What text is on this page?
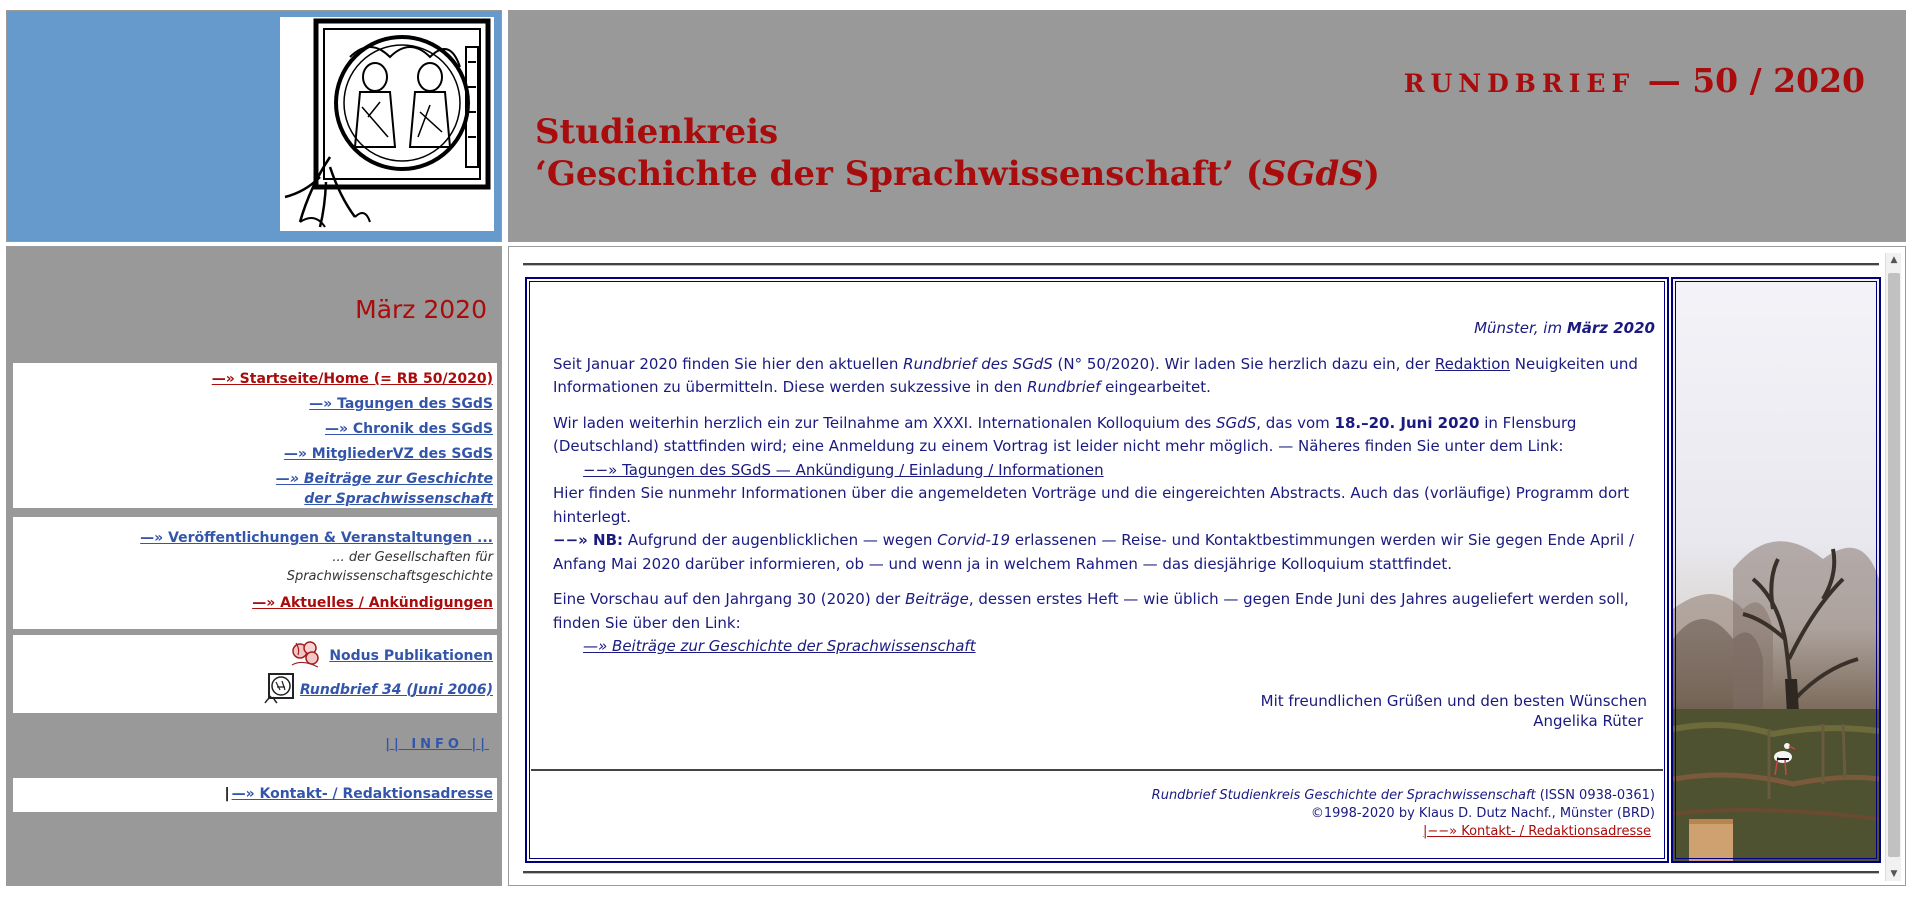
RUNDBRIEF — 50 / 2020
Studienkreis
‘Geschichte der Sprachwissenschaft’ (SGdS)
März 2020
—» Startseite/Home (= RB 50/2020)
—» Tagungen des SGdS
—» Chronik des SGdS
—» MitgliederVZ des SGdS
—» Beiträge zur Geschichte
der Sprachwissenschaft
—» Veröffentlichungen & Veranstaltungen ...
... der Gesellschaften für
Sprachwissenschaftsgeschichte
—» Aktuelles / Ankündigungen
Nodus Publikationen
Rundbrief 34 (Juni 2006)
|| INFO ||
| —» Kontakt- / Redaktionsadresse
Münster, im März 2020

Seit Januar 2020 finden Sie hier den aktuellen Rundbrief des SGdS (N° 50/2020). Wir laden Sie herzlich dazu ein, der Redaktion Neuigkeiten und Informationen zu übermitteln. Diese werden sukzessive in den Rundbrief eingearbeitet.

Wir laden weiterhin herzlich ein zur Teilnahme am XXXI. Internationalen Kolloquium des SGdS, das vom 18.–20. Juni 2020 in Flensburg (Deutschland) stattfinden wird; eine Anmeldung zu einem Vortrag ist leider nicht mehr möglich. — Näheres finden Sie unter dem Link:

−−» Tagungen des SGdS — Ankündigung / Einladung / Informationen

Hier finden Sie nunmehr Informationen über die angemeldeten Vorträge und die eingereichten Abstracts. Auch das (vorläufige) Programm dort hinterlegt.

−−» NB: Aufgrund der augenblicklichen — wegen Corvid-19 erlassenen — Reise- und Kontaktbestimmungen werden wir Sie gegen Ende April / Anfang Mai 2020 darüber informieren, ob — und wenn ja in welchem Rahmen — das diesjährige Kolloquium stattfindet.

Eine Vorschau auf den Jahrgang 30 (2020) der Beiträge, dessen erstes Heft — wie üblich — gegen Ende Juni des Jahres augeliefert werden soll, finden Sie über den Link:

—» Beiträge zur Geschichte der Sprachwissenschaft

Mit freundlichen Grüßen und den besten Wünschen
Angelika Rüter
Rundbrief Studienkreis Geschichte der Sprachwissenschaft (ISSN 0938-0361)
©1998-2020 by Klaus D. Dutz Nachf., Münster (BRD)
|−−» Kontakt- / Redaktionsadresse
▲
▼
